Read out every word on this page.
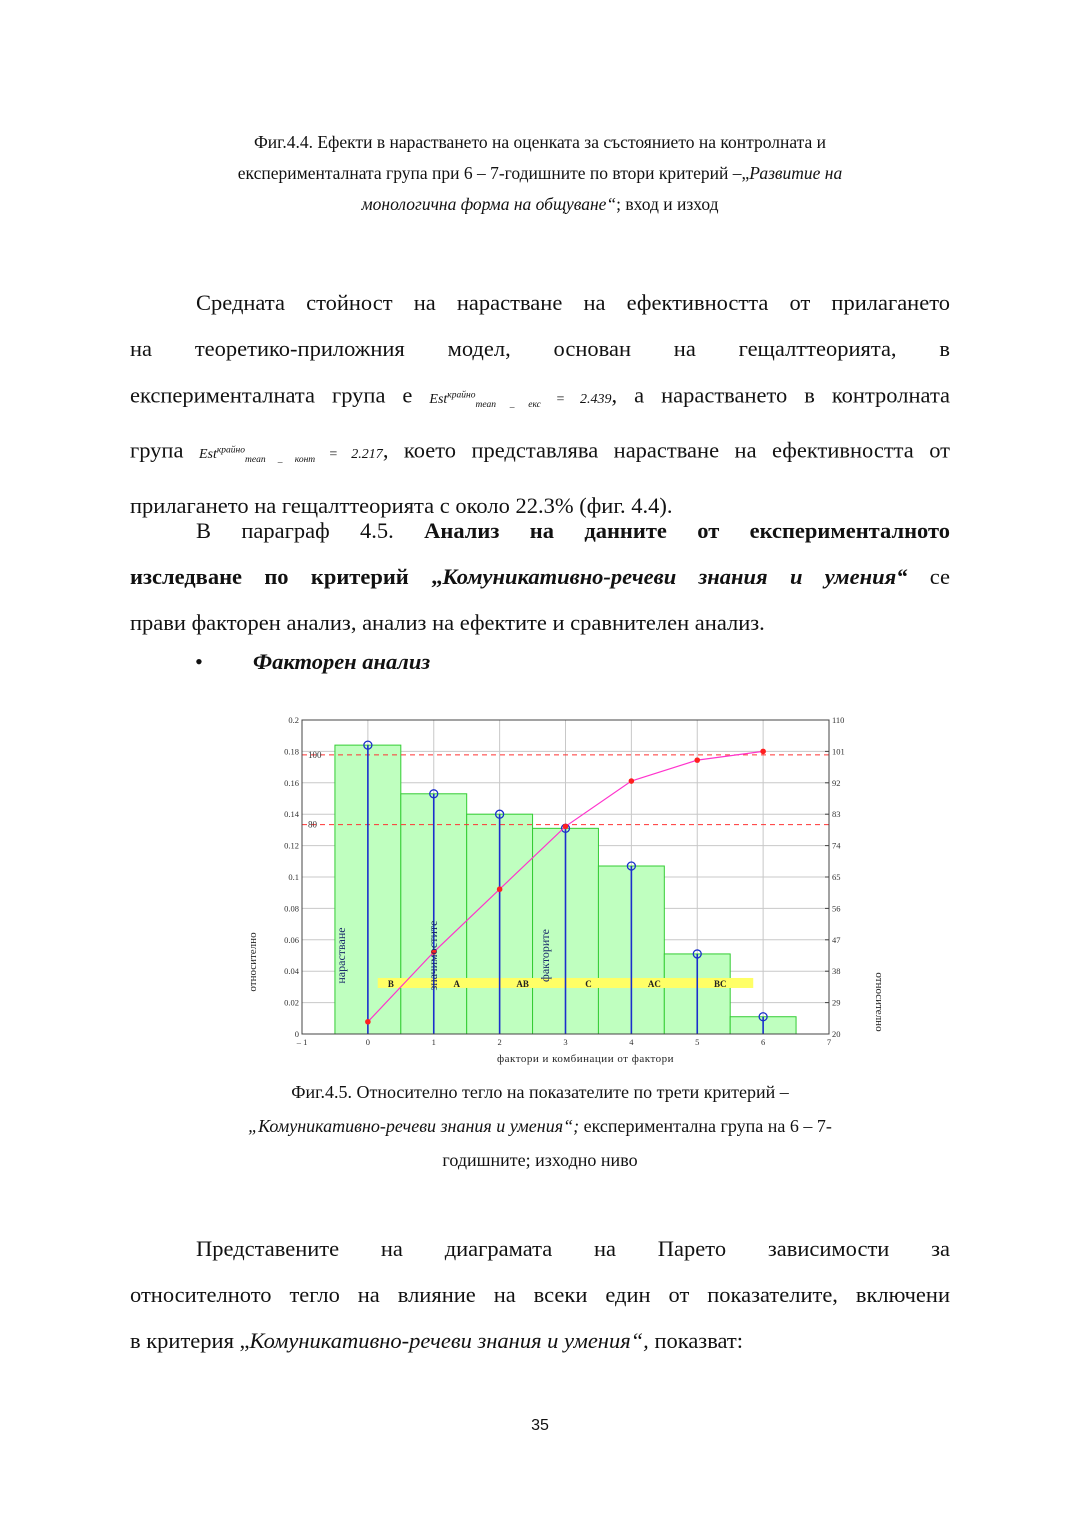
Фиг.4.4. Ефекти в нарастването на оценката за състоянието на контролната и
експерименталната група при 6 – 7-годишните по втори критерий –„Развитие на
монологична форма на общуване“; вход и изход
Средната стойност на нарастване на ефективността от прилагането
на теоретико-приложния модел, основан на гещалттеорията, в
експерименталната група е Est$^{крайно}_{mean \_ екс}$ = 2.439, а нарастването в контролната
група Est$^{крайно}_{mean \_ конт}$ = 2.217, което представлява нарастване на ефективността от
прилагането на гещалттеорията с около 22.3% (фиг. 4.4).
В параграф 4.5. Анализ на данните от експерименталното
изследване по критерий „Комуникативно-речеви знания и умения“ се
прави факторен анализ, анализ на ефектите и сравнителен анализ.
• Факторен анализ
100
80
B	A	AB	C	AC	BC
0
0.02
0.04
0.06
0.08
0.1
0.12
0.14
0.16
0.18
0.2
20
29
38
47
56
65
74
83
92
101
110
– 1	0	1	2	3	4	5	6	7
нарастване	значимостите	факторите
фактори и комбинации от фактори
относително
относително
Фиг.4.5. Относително тегло на показателите по трети критерий –
„Комуникативно-речеви знания и умения“; експериментална група на 6 – 7-
годишните; изходно ниво
Представените на диаграмата на Парето зависимости за
относителното тегло на влияние на всеки един от показателите, включени
в критерия „Комуникативно-речеви знания и умения“, показват:
35
